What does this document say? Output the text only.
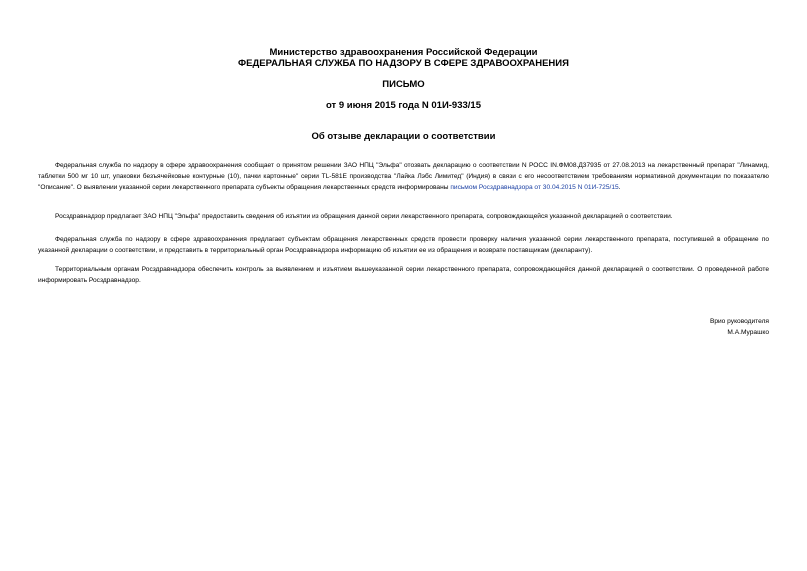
Министерство здравоохранения Российской Федерации
ФЕДЕРАЛЬНАЯ СЛУЖБА ПО НАДЗОРУ В СФЕРЕ ЗДРАВООХРАНЕНИЯ
ПИСЬМО
от 9 июня 2015 года N 01И-933/15
Об отзыве декларации о соответствии

Федеральная служба по надзору в сфере здравоохранения сообщает о принятом решении ЗАО НПЦ "Эльфа" отозвать декларацию о соответствии N РОСС IN.ФМ08.Д37935 от 27.08.2013 на лекарственный препарат "Линамид, таблетки 500 мг 10 шт, упаковки безъячейковые контурные (10), пачки картонные" серии TL-581E производства "Лайка Лэбс Лимитед" (Индия) в связи с его несоответствием требованиям нормативной документации по показателю "Описание". О выявлении указанной серии лекарственного препарата субъекты обращения лекарственных средств информированы письмом Росздравнадзора от 30.04.2015 N 01И-725/15.

Росздравнадзор предлагает ЗАО НПЦ "Эльфа" предоставить сведения об изъятии из обращения данной серии лекарственного препарата, сопровождающейся указанной декларацией о соответствии.

Федеральная служба по надзору в сфере здравоохранения предлагает субъектам обращения лекарственных средств провести проверку наличия указанной серии лекарственного препарата, поступившей в обращение по указанной декларации о соответствии, и представить в территориальный орган Росздравнадзора информацию об изъятии ее из обращения и возврате поставщикам (декларанту).

Территориальным органам Росздравнадзора обеспечить контроль за выявлением и изъятием вышеуказанной серии лекарственного препарата, сопровождающейся данной декларацией о соответствии. О проведенной работе информировать Росздравнадзор.

Врио руководителя
М.А.Мурашко
